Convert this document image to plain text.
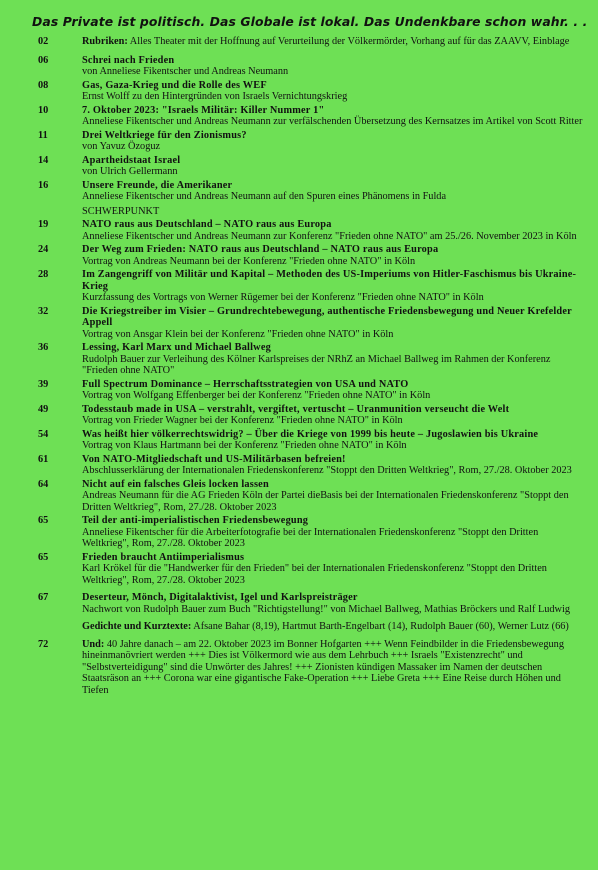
Das Private ist politisch. Das Globale ist lokal. Das Undenkbare schon wahr. . .
02	Rubriken: Alles Theater mit der Hoffnung auf Verurteilung der Völkermörder, Vorhang auf für das ZAAVV, Einblage
06	Schrei nach Frieden
von Anneliese Fikentscher und Andreas Neumann
08	Gas, Gaza-Krieg und die Rolle des WEF
Ernst Wolff zu den Hintergründen von Israels Vernichtungskrieg
10	7. Oktober 2023: "Israels Militär: Killer Nummer 1"
Anneliese Fikentscher und Andreas Neumann zur verfälschenden Übersetzung des Kernsatzes im Artikel von Scott Ritter
11	Drei Weltkriege für den Zionismus?
von Yavuz Özoguz
14	Apartheidstaat Israel
von Ulrich Gellermann
16	Unsere Freunde, die Amerikaner
Anneliese Fikentscher und Andreas Neumann auf den Spuren eines Phänomens in Fulda
SCHWERPUNKT
19	NATO raus aus Deutschland – NATO raus aus Europa
Anneliese Fikentscher und Andreas Neumann zur Konferenz "Frieden ohne NATO" am 25./26. November 2023 in Köln
24	Der Weg zum Frieden: NATO raus aus Deutschland – NATO raus aus Europa
Vortrag von Andreas Neumann bei der Konferenz "Frieden ohne NATO" in Köln
28	Im Zangengriff von Militär und Kapital – Methoden des US-Imperiums von Hitler-Faschismus bis Ukraine-Krieg
Kurzfassung des Vortrags von Werner Rügemer bei der Konferenz "Frieden ohne NATO" in Köln
32	Die Kriegstreiber im Visier – Grundrechtebewegung, authentische Friedensbewegung und Neuer Krefelder Appell
Vortrag von Ansgar Klein bei der Konferenz "Frieden ohne NATO" in Köln
36	Lessing, Karl Marx und Michael Ballweg
Rudolph Bauer zur Verleihung des Kölner Karlspreises der NRhZ an Michael Ballweg im Rahmen der Konferenz "Frieden ohne NATO"
39	Full Spectrum Dominance – Herrschaftsstrategien von USA und NATO
Vortrag von Wolfgang Effenberger bei der Konferenz "Frieden ohne NATO" in Köln
49	Todesstaub made in USA – verstrahlt, vergiftet, vertuscht – Uranmunition verseucht die Welt
Vortrag von Frieder Wagner bei der Konferenz "Frieden ohne NATO" in Köln
54	Was heißt hier völkerrechtswidrig? – Über die Kriege von 1999 bis heute – Jugoslawien bis Ukraine
Vortrag von Klaus Hartmann bei der Konferenz "Frieden ohne NATO" in Köln
61	Von NATO-Mitgliedschaft und US-Militärbasen befreien!
Abschlusserklärung der Internationalen Friedenskonferenz "Stoppt den Dritten Weltkrieg", Rom, 27./28. Oktober 2023
64	Nicht auf ein falsches Gleis locken lassen
Andreas Neumann für die AG Frieden Köln der Partei dieBasis bei der Internationalen Friedenskonferenz "Stoppt den Dritten Weltkrieg", Rom, 27./28. Oktober 2023
65	Teil der anti-imperialistischen Friedensbewegung
Anneliese Fikentscher für die Arbeiterfotografie bei der Internationalen Friedenskonferenz "Stoppt den Dritten Weltkrieg", Rom, 27./28. Oktober 2023
65	Frieden braucht Antiimperialismus
Karl Krökel für die "Handwerker für den Frieden" bei der Internationalen Friedenskonferenz "Stoppt den Dritten Weltkrieg", Rom, 27./28. Oktober 2023
67	Deserteur, Mönch, Digitalaktivist, Igel und Karlspreisträger
Nachwort von Rudolph Bauer zum Buch "Richtigstellung!" von Michael Ballweg, Mathias Bröckers und Ralf Ludwig
Gedichte und Kurztexte: Afsane Bahar (8,19), Hartmut Barth-Engelbart (14), Rudolph Bauer (60), Werner Lutz (66)
72	Und: 40 Jahre danach – am 22. Oktober 2023 im Bonner Hofgarten +++ Wenn Feindbilder in die Friedensbewegung hineinmanövriert werden +++ Dies ist Völkermord wie aus dem Lehrbuch +++ Israels "Existenzrecht" und "Selbstverteidigung" sind die Unwörter des Jahres! +++ Zionisten kündigen Massaker im Namen der deutschen Staatsräson an +++ Corona war eine gigantische Fake-Operation +++ Liebe Greta +++ Eine Reise durch Höhen und Tiefen
